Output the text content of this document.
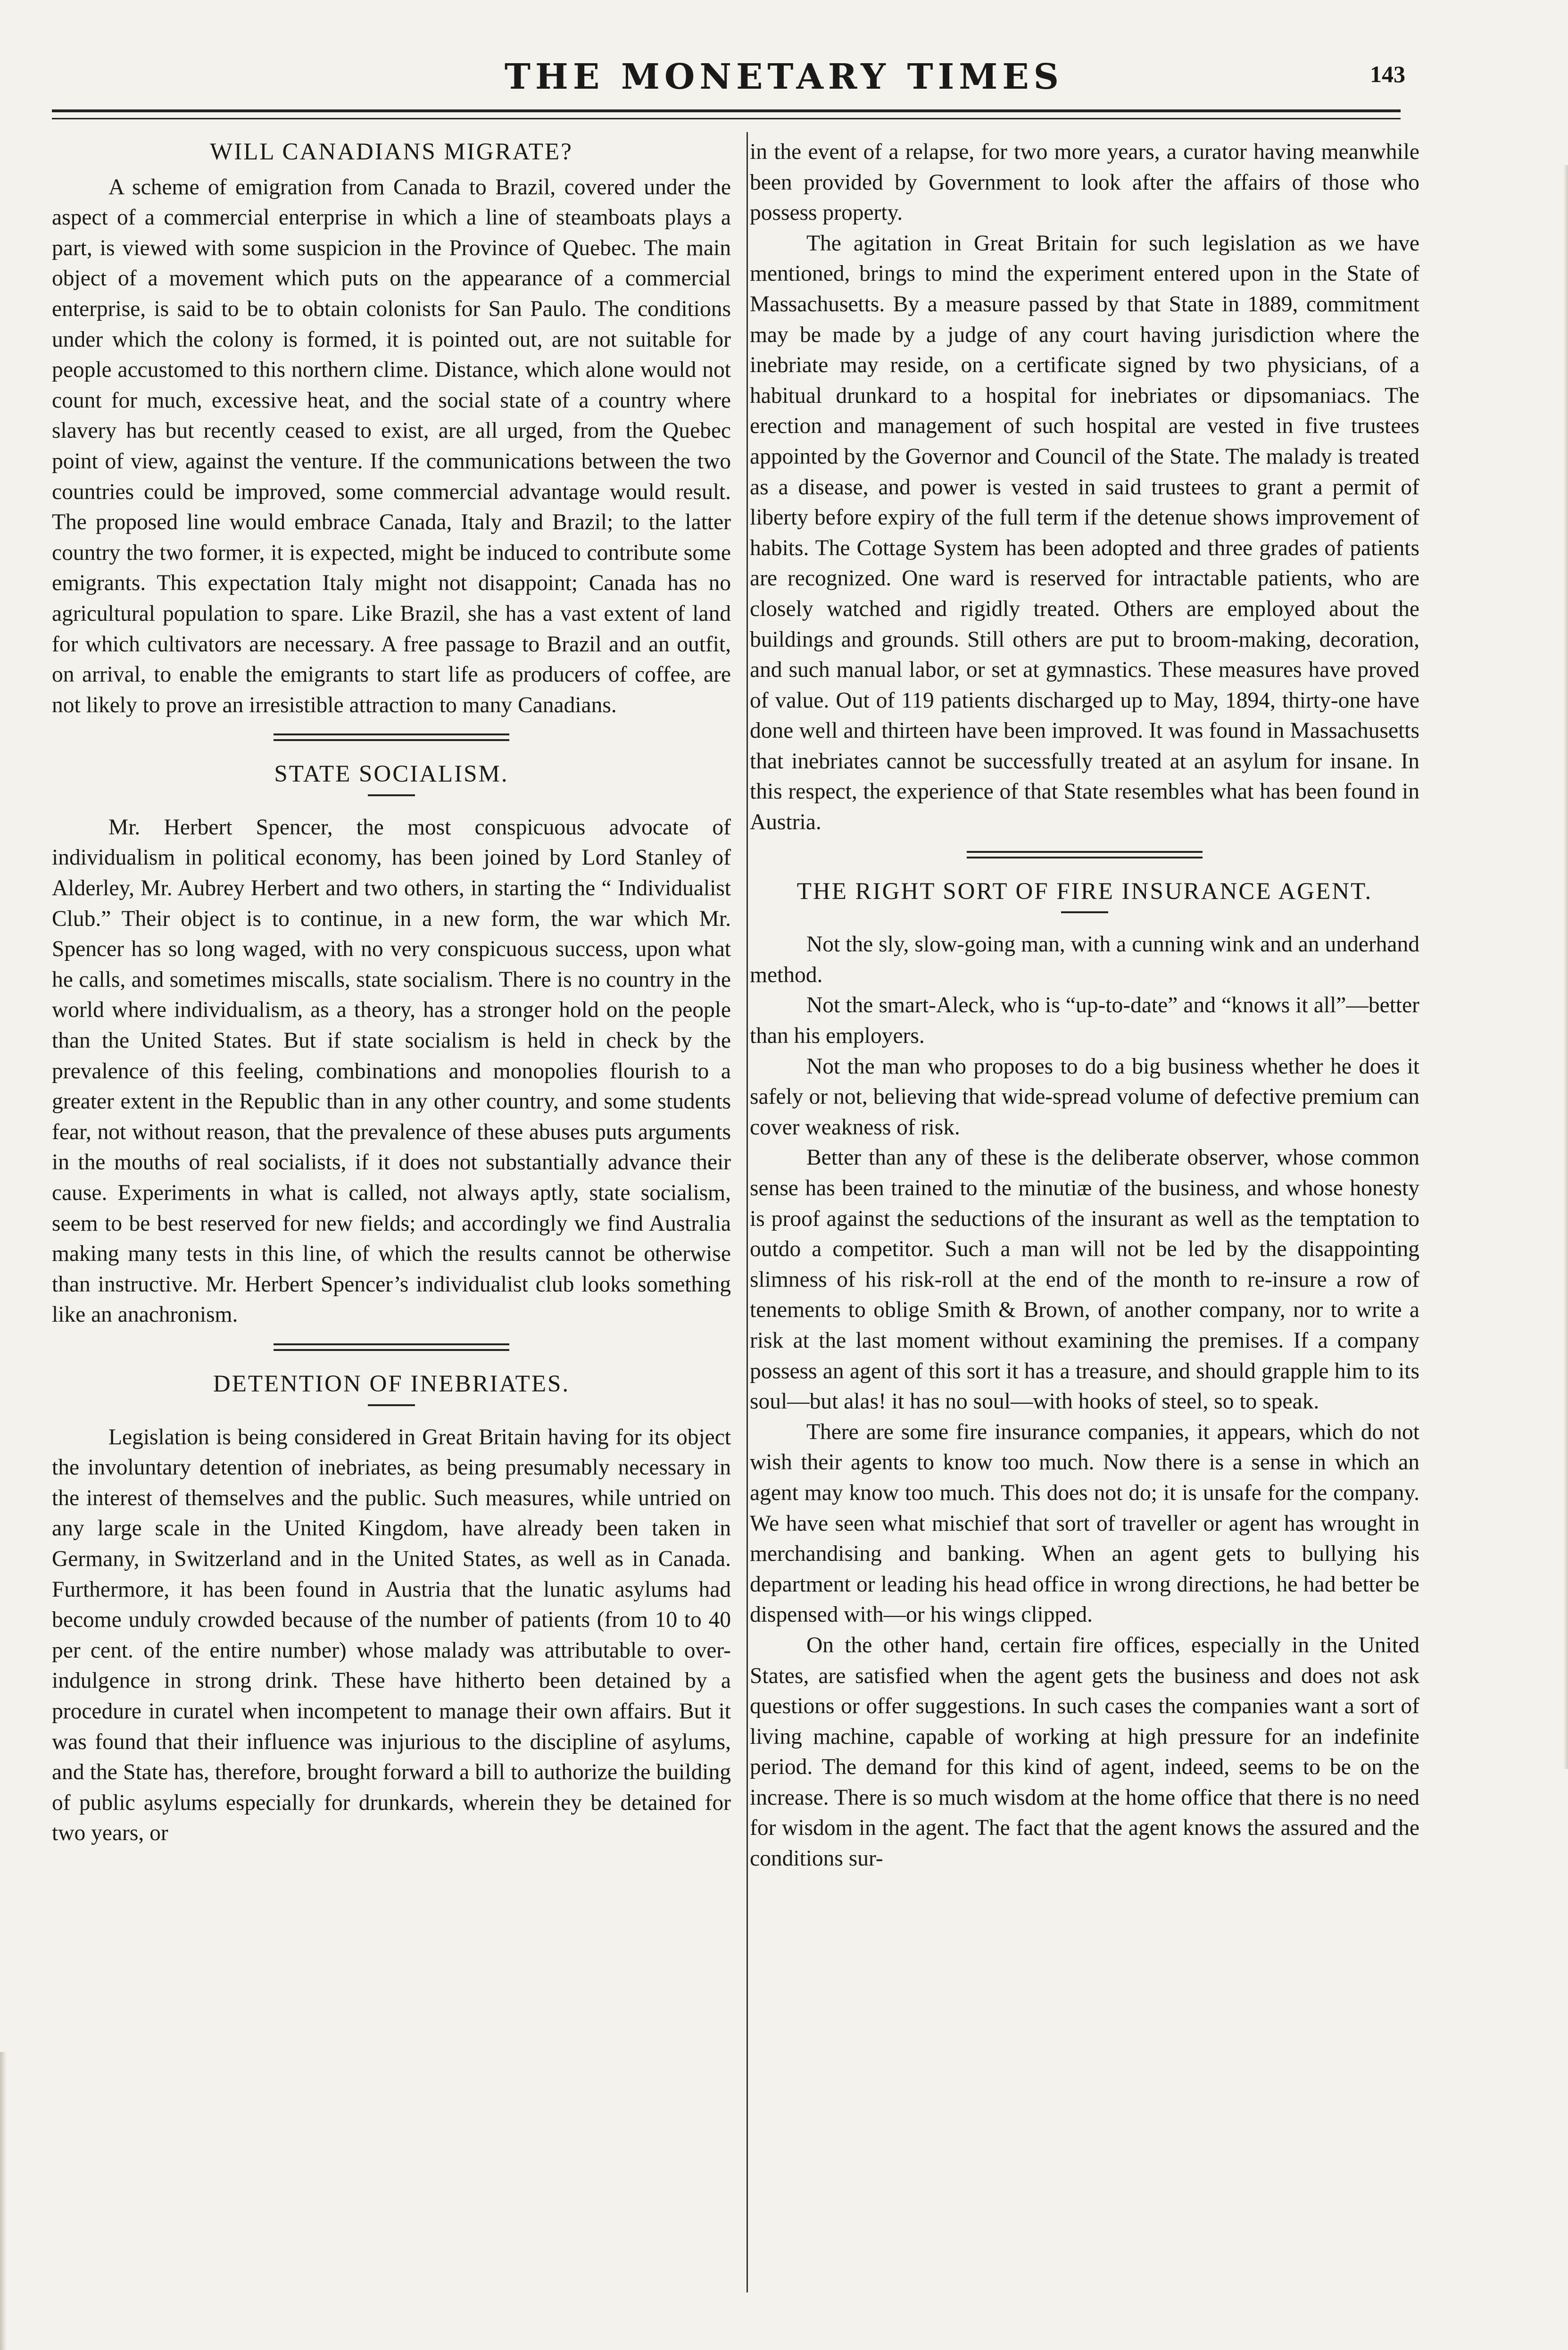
THE MONETARY TIMES	143
WILL CANADIANS MIGRATE?

A scheme of emigration from Canada to Brazil, covered under the aspect of a commercial enterprise in which a line of steamboats plays a part, is viewed with some suspicion in the Province of Quebec. The main object of a movement which puts on the appearance of a commercial enterprise, is said to be to obtain colonists for San Paulo. The conditions under which the colony is formed, it is pointed out, are not suitable for people accustomed to this northern clime. Distance, which alone would not count for much, excessive heat, and the social state of a country where slavery has but recently ceased to exist, are all urged, from the Quebec point of view, against the venture. If the communications between the two countries could be improved, some commercial advantage would result. The proposed line would embrace Canada, Italy and Brazil; to the latter country the two former, it is expected, might be induced to contribute some emigrants. This expectation Italy might not disappoint; Canada has no agricultural population to spare. Like Brazil, she has a vast extent of land for which cultivators are necessary. A free passage to Brazil and an outfit, on arrival, to enable the emigrants to start life as producers of coffee, are not likely to prove an irresistible attraction to many Canadians.

STATE SOCIALISM.

Mr. Herbert Spencer, the most conspicuous advocate of individualism in political economy, has been joined by Lord Stanley of Alderley, Mr. Aubrey Herbert and two others, in starting the “ Individualist Club.” Their object is to continue, in a new form, the war which Mr. Spencer has so long waged, with no very conspicuous success, upon what he calls, and sometimes miscalls, state socialism. There is no country in the world where individualism, as a theory, has a stronger hold on the people than the United States. But if state socialism is held in check by the prevalence of this feeling, combinations and monopolies flourish to a greater extent in the Republic than in any other country, and some students fear, not without reason, that the prevalence of these abuses puts arguments in the mouths of real socialists, if it does not substantially advance their cause. Experiments in what is called, not always aptly, state socialism, seem to be best reserved for new fields; and accordingly we find Australia making many tests in this line, of which the results cannot be otherwise than instructive. Mr. Herbert Spencer’s individualist club looks something like an anachronism.

DETENTION OF INEBRIATES.

Legislation is being considered in Great Britain having for its object the involuntary detention of inebriates, as being presumably necessary in the interest of themselves and the public. Such measures, while untried on any large scale in the United Kingdom, have already been taken in Germany, in Switzerland and in the United States, as well as in Canada. Furthermore, it has been found in Austria that the lunatic asylums had become unduly crowded because of the number of patients (from 10 to 40 per cent. of the entire number) whose malady was attributable to over-indulgence in strong drink. These have hitherto been detained by a procedure in curatel when incompetent to manage their own affairs. But it was found that their influence was injurious to the discipline of asylums, and the State has, therefore, brought forward a bill to authorize the building of public asylums especially for drunkards, wherein they be detained for two years, or

in the event of a relapse, for two more years, a curator having meanwhile been provided by Government to look after the affairs of those who possess property.

The agitation in Great Britain for such legislation as we have mentioned, brings to mind the experiment entered upon in the State of Massachusetts. By a measure passed by that State in 1889, commitment may be made by a judge of any court having jurisdiction where the inebriate may reside, on a certificate signed by two physicians, of a habitual drunkard to a hospital for inebriates or dipsomaniacs. The erection and management of such hospital are vested in five trustees appointed by the Governor and Council of the State. The malady is treated as a disease, and power is vested in said trustees to grant a permit of liberty before expiry of the full term if the detenue shows improvement of habits. The Cottage System has been adopted and three grades of patients are recognized. One ward is reserved for intractable patients, who are closely watched and rigidly treated. Others are employed about the buildings and grounds. Still others are put to broom-making, decoration, and such manual labor, or set at gymnastics. These measures have proved of value. Out of 119 patients discharged up to May, 1894, thirty-one have done well and thirteen have been improved. It was found in Massachusetts that inebriates cannot be successfully treated at an asylum for insane. In this respect, the experience of that State resembles what has been found in Austria.

THE RIGHT SORT OF FIRE INSURANCE AGENT.

Not the sly, slow-going man, with a cunning wink and an underhand method.

Not the smart-Aleck, who is “up-to-date” and “knows it all”—better than his employers.

Not the man who proposes to do a big business whether he does it safely or not, believing that wide-spread volume of defective premium can cover weakness of risk.

Better than any of these is the deliberate observer, whose common sense has been trained to the minutiæ of the business, and whose honesty is proof against the seductions of the insurant as well as the temptation to outdo a competitor. Such a man will not be led by the disappointing slimness of his risk-roll at the end of the month to re-insure a row of tenements to oblige Smith & Brown, of another company, nor to write a risk at the last moment without examining the premises. If a company possess an agent of this sort it has a treasure, and should grapple him to its soul—but alas! it has no soul—with hooks of steel, so to speak.

There are some fire insurance companies, it appears, which do not wish their agents to know too much. Now there is a sense in which an agent may know too much. This does not do; it is unsafe for the company. We have seen what mischief that sort of traveller or agent has wrought in merchandising and banking. When an agent gets to bullying his department or leading his head office in wrong directions, he had better be dispensed with—or his wings clipped.

On the other hand, certain fire offices, especially in the United States, are satisfied when the agent gets the business and does not ask questions or offer suggestions. In such cases the companies want a sort of living machine, capable of working at high pressure for an indefinite period. The demand for this kind of agent, indeed, seems to be on the increase. There is so much wisdom at the home office that there is no need for wisdom in the agent. The fact that the agent knows the assured and the conditions sur-
